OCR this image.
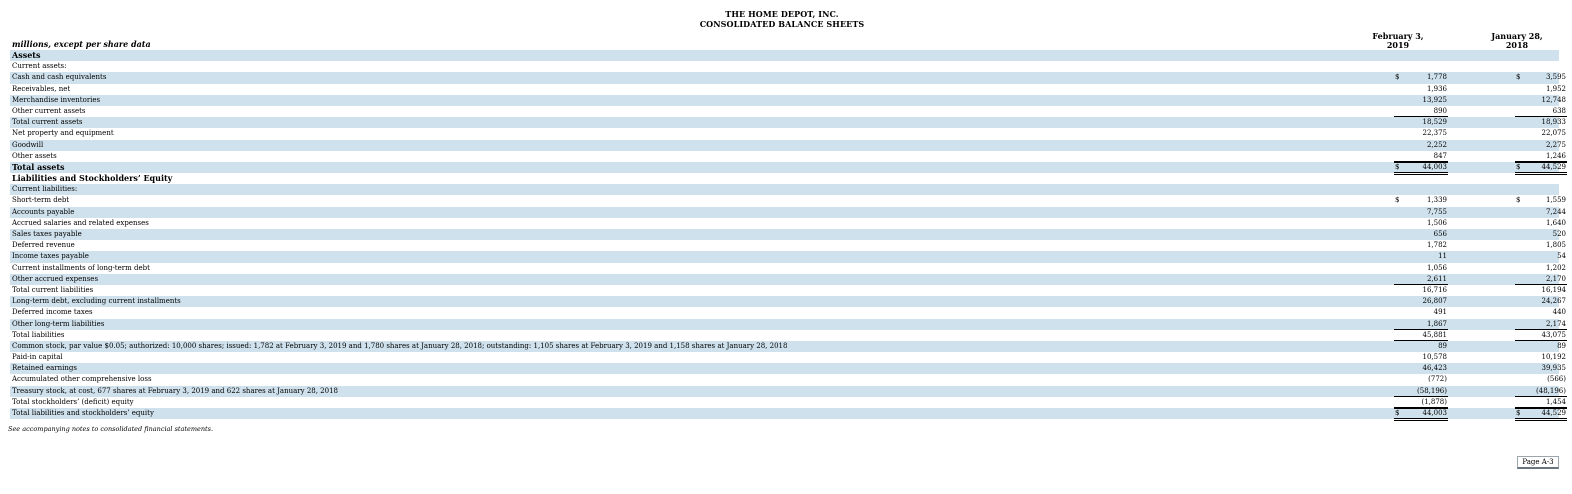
THE HOME DEPOT, INC.
CONSOLIDATED BALANCE SHEETS
February 3,
2019
January 28,
2018
millions, except per share data
Assets
Current assets:
Cash and cash equivalents	$	1,778	$	3,595
Receivables, net	1,936	1,952
Merchandise inventories	13,925	12,748
Other current assets	890	638
Total current assets	18,529	18,933
Net property and equipment	22,375	22,075
Goodwill	2,252	2,275
Other assets	847	1,246
Total assets	$	44,003	$	44,529
Liabilities and Stockholders’ Equity
Current liabilities:
Short-term debt	$	1,339	$	1,559
Accounts payable	7,755	7,244
Accrued salaries and related expenses	1,506	1,640
Sales taxes payable	656	520
Deferred revenue	1,782	1,805
Income taxes payable	11	54
Current installments of long-term debt	1,056	1,202
Other accrued expenses	2,611	2,170
Total current liabilities	16,716	16,194
Long-term debt, excluding current installments	26,807	24,267
Deferred income taxes	491	440
Other long-term liabilities	1,867	2,174
Total liabilities	45,881	43,075
Common stock, par value $0.05; authorized: 10,000 shares; issued: 1,782 at February 3, 2019 and 1,780 shares at January 28, 2018; outstanding: 1,105 shares at February 3, 2019 and 1,158 shares at January 28, 2018	89	89
Paid-in capital	10,578	10,192
Retained earnings	46,423	39,935
Accumulated other comprehensive loss	(772)	(566)
Treasury stock, at cost, 677 shares at February 3, 2019 and 622 shares at January 28, 2018	(58,196)	(48,196)
Total stockholders’ (deficit) equity	(1,878)	1,454
Total liabilities and stockholders’ equity	$	44,003	$	44,529
See accompanying notes to consolidated financial statements.
Page A-3
